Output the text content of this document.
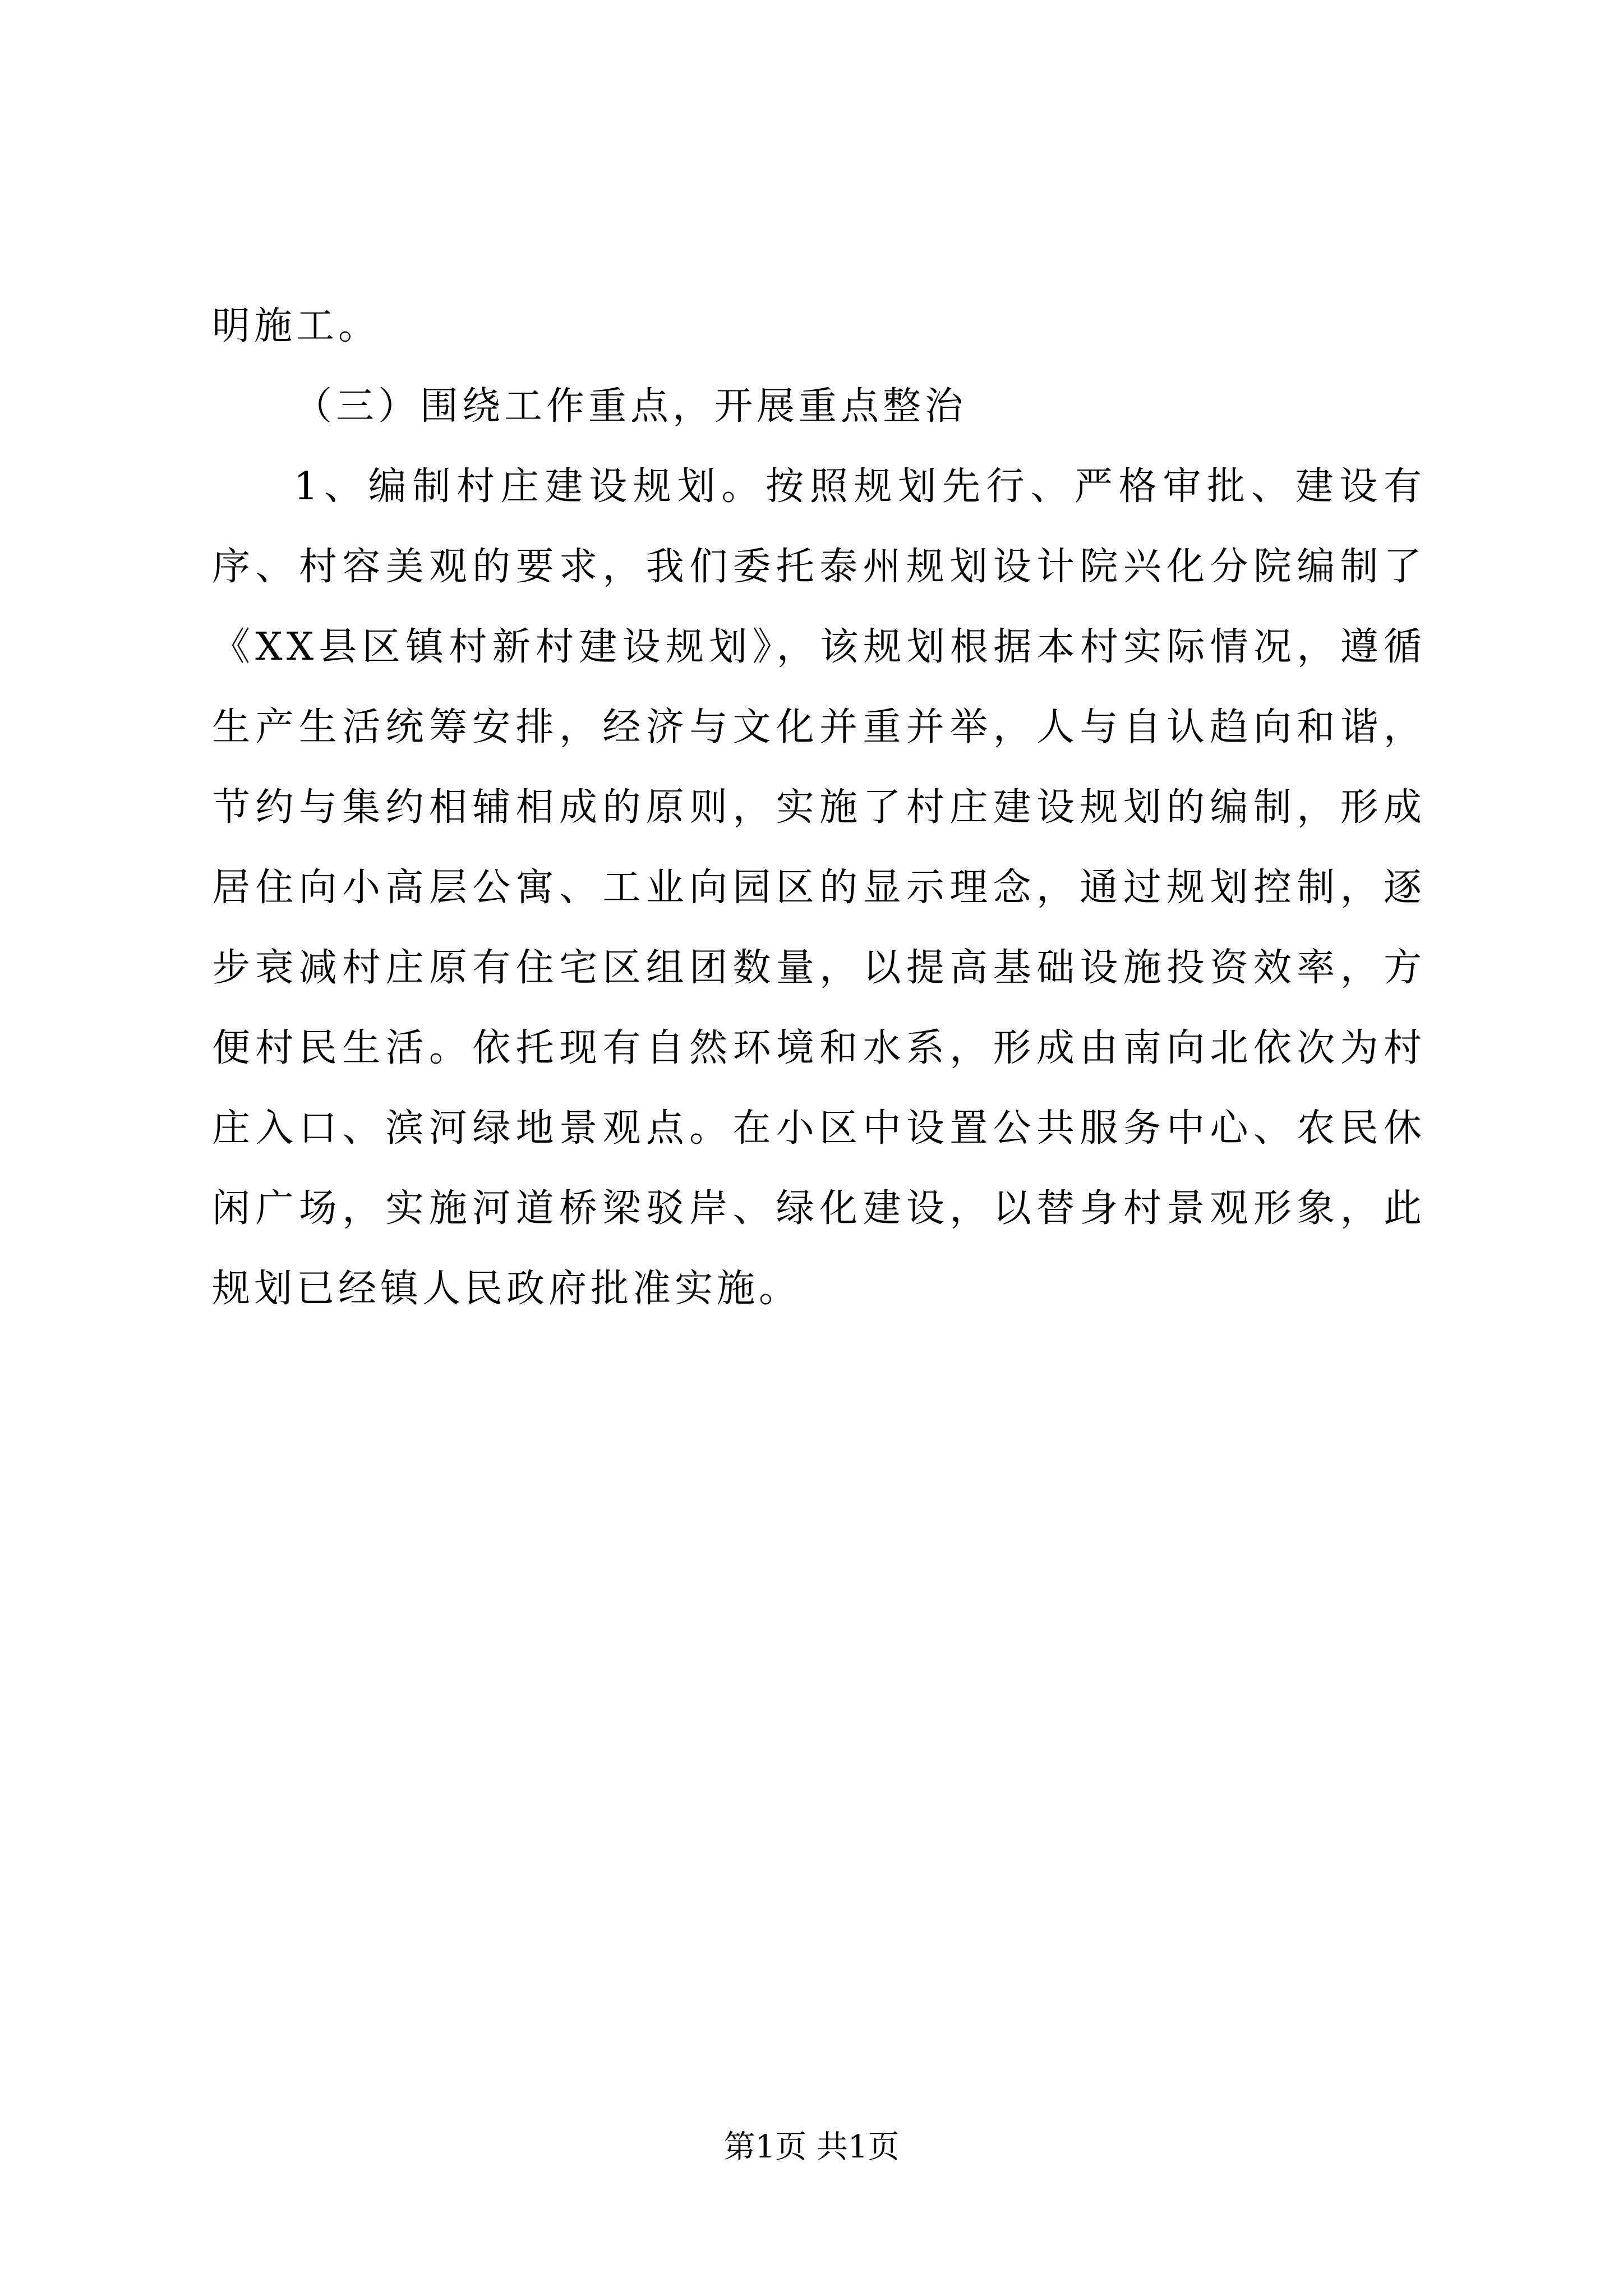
明施工。
（三）围绕工作重点，开展重点整治
1、编制村庄建设规划。按照规划先行、严格审批、建设有
序、村容美观的要求，我们委托泰州规划设计院兴化分院编制了
《XX县区镇村新村建设规划》，该规划根据本村实际情况，遵循
生产生活统筹安排，经济与文化并重并举，人与自认趋向和谐，
节约与集约相辅相成的原则，实施了村庄建设规划的编制，形成
居住向小高层公寓、工业向园区的显示理念，通过规划控制，逐
步衰减村庄原有住宅区组团数量，以提高基础设施投资效率，方
便村民生活。依托现有自然环境和水系，形成由南向北依次为村
庄入口、滨河绿地景观点。在小区中设置公共服务中心、农民休
闲广场，实施河道桥梁驳岸、绿化建设，以替身村景观形象，此
规划已经镇人民政府批准实施。
第1页 共1页
